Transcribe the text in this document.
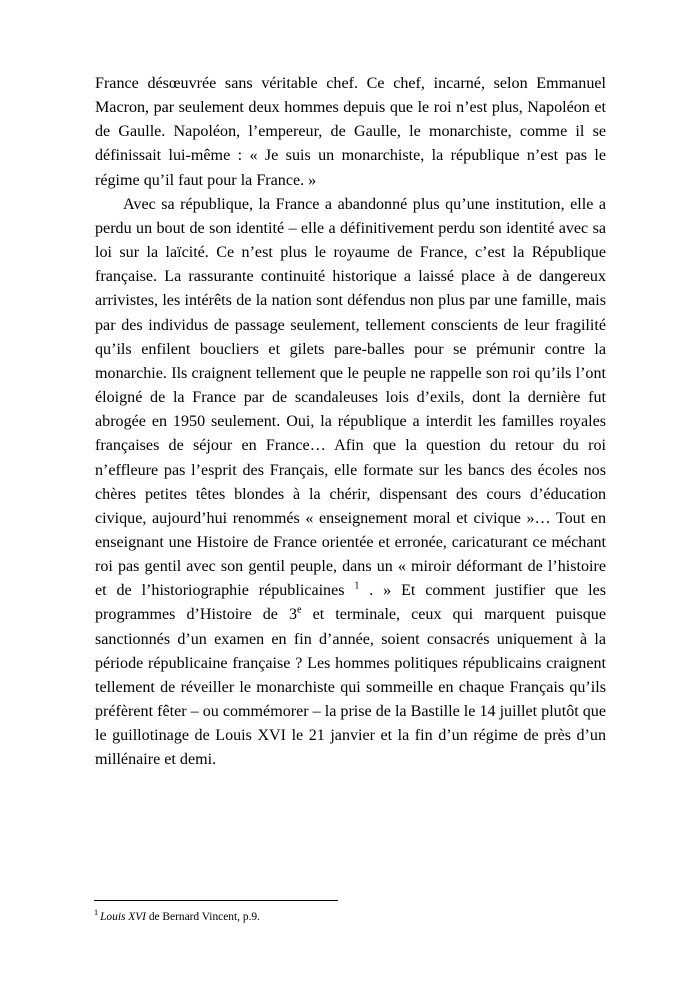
France désœuvrée sans véritable chef. Ce chef, incarné, selon Emmanuel Macron, par seulement deux hommes depuis que le roi n’est plus, Napoléon et de Gaulle. Napoléon, l’empereur, de Gaulle, le monarchiste, comme il se définissait lui-même : « Je suis un monarchiste, la république n’est pas le régime qu’il faut pour la France. »

Avec sa république, la France a abandonné plus qu’une institution, elle a perdu un bout de son identité – elle a définitivement perdu son identité avec sa loi sur la laïcité. Ce n’est plus le royaume de France, c’est la République française. La rassurante continuité historique a laissé place à de dangereux arrivistes, les intérêts de la nation sont défendus non plus par une famille, mais par des individus de passage seulement, tellement conscients de leur fragilité qu’ils enfilent boucliers et gilets pare-balles pour se prémunir contre la monarchie. Ils craignent tellement que le peuple ne rappelle son roi qu’ils l’ont éloigné de la France par de scandaleuses lois d’exils, dont la dernière fut abrogée en 1950 seulement. Oui, la république a interdit les familles royales françaises de séjour en France… Afin que la question du retour du roi n’effleure pas l’esprit des Français, elle formate sur les bancs des écoles nos chères petites têtes blondes à la chérir, dispensant des cours d’éducation civique, aujourd’hui renommés « enseignement moral et civique »… Tout en enseignant une Histoire de France orientée et erronée, caricaturant ce méchant roi pas gentil avec son gentil peuple, dans un « miroir déformant de l’histoire et de l’historiographie républicaines $^1$ . » Et comment justifier que les programmes d’Histoire de 3e et terminale, ceux qui marquent puisque sanctionnés d’un examen en fin d’année, soient consacrés uniquement à la période républicaine française ? Les hommes politiques républicains craignent tellement de réveiller le monarchiste qui sommeille en chaque Français qu’ils préfèrent fêter – ou commémorer – la prise de la Bastille le 14 juillet plutôt que le guillotinage de Louis XVI le 21 janvier et la fin d’un régime de près d’un millénaire et demi.

$^1$ Louis XVI de Bernard Vincent, p.9.
